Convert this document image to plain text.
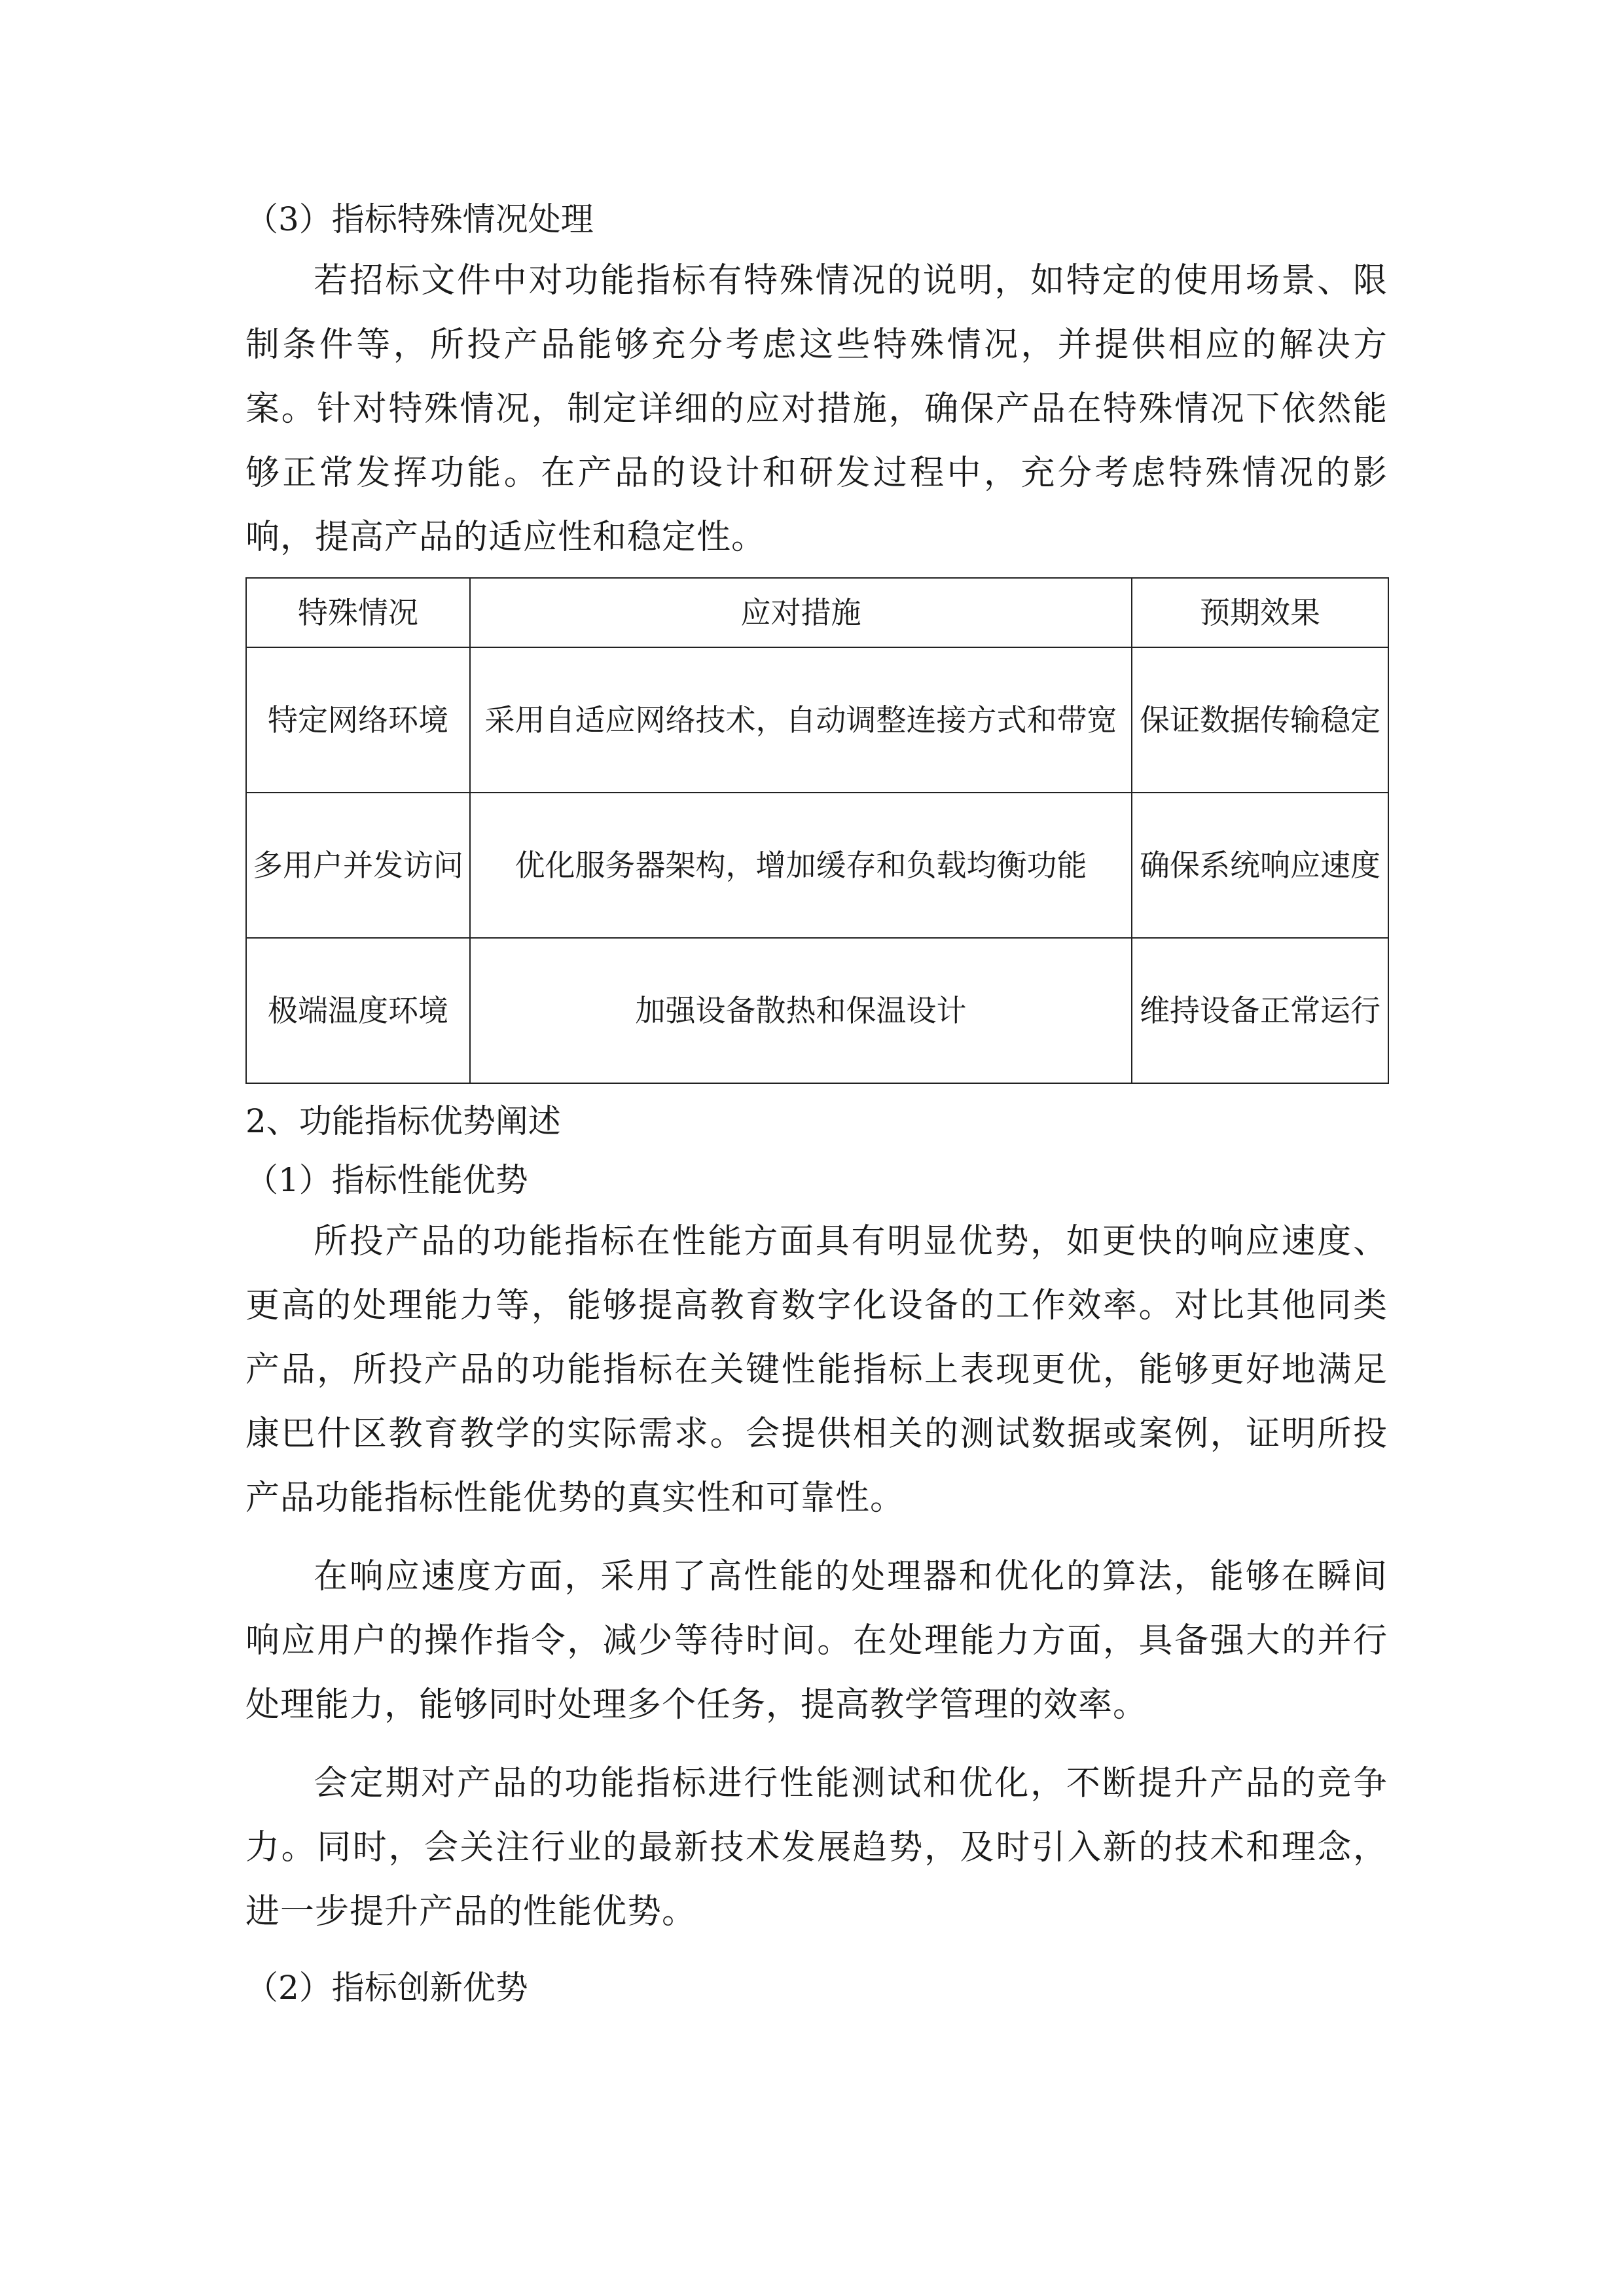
（3）指标特殊情况处理

若招标文件中对功能指标有特殊情况的说明，如特定的使用场景、限制条件等，所投产品能够充分考虑这些特殊情况，并提供相应的解决方案。针对特殊情况，制定详细的应对措施，确保产品在特殊情况下依然能够正常发挥功能。在产品的设计和研发过程中，充分考虑特殊情况的影响，提高产品的适应性和稳定性。

特殊情况	应对措施	预期效果
特定网络环境	采用自适应网络技术，自动调整连接方式和带宽	保证数据传输稳定
多用户并发访问	优化服务器架构，增加缓存和负载均衡功能	确保系统响应速度
极端温度环境	加强设备散热和保温设计	维持设备正常运行

2、功能指标优势阐述

（1）指标性能优势

所投产品的功能指标在性能方面具有明显优势，如更快的响应速度、更高的处理能力等，能够提高教育数字化设备的工作效率。对比其他同类产品，所投产品的功能指标在关键性能指标上表现更优，能够更好地满足康巴什区教育教学的实际需求。会提供相关的测试数据或案例，证明所投产品功能指标性能优势的真实性和可靠性。

在响应速度方面，采用了高性能的处理器和优化的算法，能够在瞬间响应用户的操作指令，减少等待时间。在处理能力方面，具备强大的并行处理能力，能够同时处理多个任务，提高教学管理的效率。

会定期对产品的功能指标进行性能测试和优化，不断提升产品的竞争力。同时，会关注行业的最新技术发展趋势，及时引入新的技术和理念，进一步提升产品的性能优势。

（2）指标创新优势
